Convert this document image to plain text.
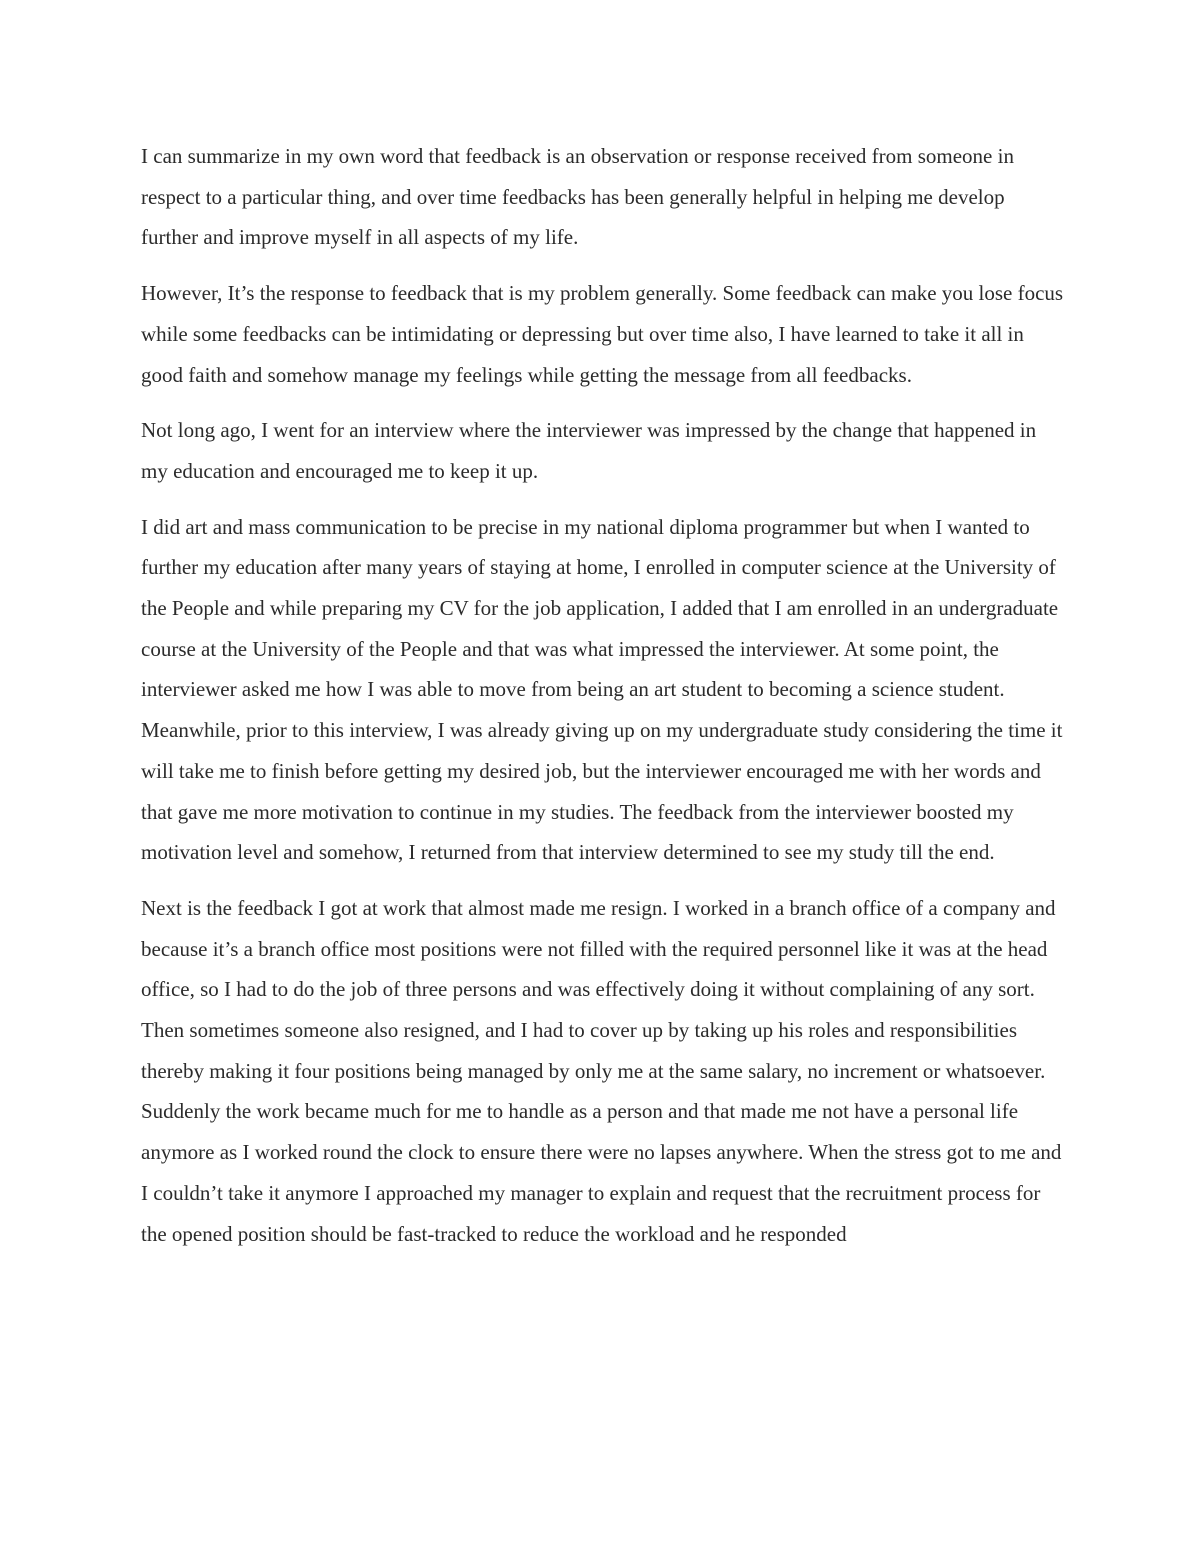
I can summarize in my own word that feedback is an observation or response received from someone in respect to a particular thing, and over time feedbacks has been generally helpful in helping me develop further and improve myself in all aspects of my life.

However, It’s the response to feedback that is my problem generally. Some feedback can make you lose focus while some feedbacks can be intimidating or depressing but over time also, I have learned to take it all in good faith and somehow manage my feelings while getting the message from all feedbacks.

Not long ago, I went for an interview where the interviewer was impressed by the change that happened in my education and encouraged me to keep it up.

I did art and mass communication to be precise in my national diploma programmer but when I wanted to further my education after many years of staying at home, I enrolled in computer science at the University of the People and while preparing my CV for the job application, I added that I am enrolled in an undergraduate course at the University of the People and that was what impressed the interviewer. At some point, the interviewer asked me how I was able to move from being an art student to becoming a science student. Meanwhile, prior to this interview, I was already giving up on my undergraduate study considering the time it will take me to finish before getting my desired job, but the interviewer encouraged me with her words and that gave me more motivation to continue in my studies. The feedback from the interviewer boosted my motivation level and somehow, I returned from that interview determined to see my study till the end.

Next is the feedback I got at work that almost made me resign. I worked in a branch office of a company and because it’s a branch office most positions were not filled with the required personnel like it was at the head office, so I had to do the job of three persons and was effectively doing it without complaining of any sort. Then sometimes someone also resigned, and I had to cover up by taking up his roles and responsibilities thereby making it four positions being managed by only me at the same salary, no increment or whatsoever. Suddenly the work became much for me to handle as a person and that made me not have a personal life anymore as I worked round the clock to ensure there were no lapses anywhere. When the stress got to me and I couldn’t take it anymore I approached my manager to explain and request that the recruitment process for the opened position should be fast-tracked to reduce the workload and he responded
